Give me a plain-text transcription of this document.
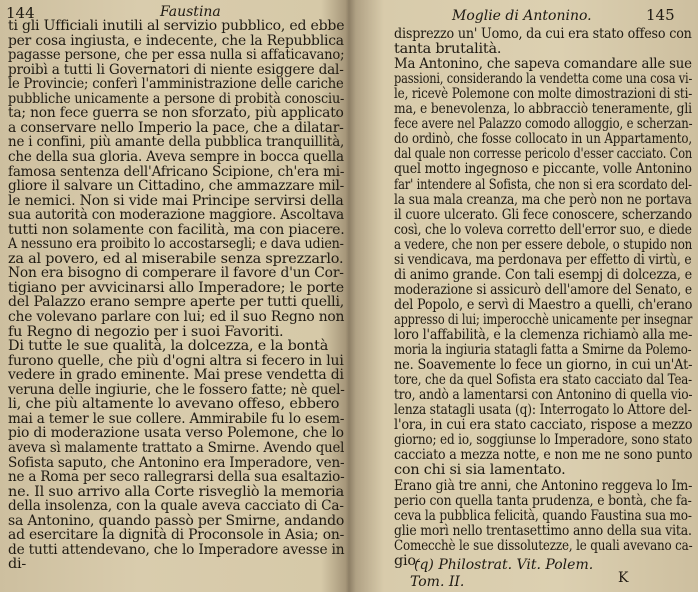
144	Faustina
ti gli Ufficiali inutili al servizio pubblico, ed ebbe
per cosa ingiusta, e indecente, che la Repubblica
pagasse persone, che per essa nulla si affaticavano;
proibì a tutti li Governatori di niente esiggere dal-
le Provincie; conferì l'amministrazione delle cariche
pubbliche unicamente a persone di probità conosciu-
ta; non fece guerra se non sforzato, più applicato
a conservare nello Imperio la pace, che a dilatar-
ne i confini, più amante della pubblica tranquillità,
che della sua gloria. Aveva sempre in bocca quella
famosa sentenza dell'Africano Scipione, ch'era mi-
gliore il salvare un Cittadino, che ammazzare mil-
le nemici. Non si vide mai Principe servirsi della
sua autorità con moderazione maggiore. Ascoltava
tutti non solamente con facilità, ma con piacere.
A nessuno era proibito lo accostarsegli; e dava udien-
za al povero, ed al miserabile senza sprezzarlo.
Non era bisogno di comperare il favore d'un Cor-
tigiano per avvicinarsi allo Imperadore; le porte
del Palazzo erano sempre aperte per tutti quelli,
che volevano parlare con lui; ed il suo Regno non
fu Regno di negozio per i suoi Favoriti.
Di tutte le sue qualità, la dolcezza, e la bontà
furono quelle, che più d'ogni altra si fecero in lui
vedere in grado eminente. Mai prese vendetta di
veruna delle ingiurie, che le fossero fatte; nè quel-
li, che più altamente lo avevano offeso, ebbero
mai a temer le sue collere. Ammirabile fu lo esem-
pio di moderazione usata verso Polemone, che lo
aveva sì malamente trattato a Smirne. Avendo quel
Sofista saputo, che Antonino era Imperadore, ven-
ne a Roma per seco rallegrarsi della sua esaltazio-
ne. Il suo arrivo alla Corte risvegliò la memoria
della insolenza, con la quale aveva cacciato di Ca-
sa Antonino, quando passò per Smirne, andando
ad esercitare la dignità di Proconsole in Asia; on-
de tutti attendevano, che lo Imperadore avesse in
di-
Moglie di Antonino.	145
disprezzo un' Uomo, da cui era stato offeso con
tanta brutalità.
Ma Antonino, che sapeva comandare alle sue
passioni, considerando la vendetta come una cosa vi-
le, ricevè Polemone con molte dimostrazioni di sti-
ma, e benevolenza, lo abbracciò teneramente, gli
fece avere nel Palazzo comodo alloggio, e scherzan-
do ordinò, che fosse collocato in un Appartamento,
dal quale non corresse pericolo d'esser cacciato. Con
quel motto ingegnoso e piccante, volle Antonino
far' intendere al Sofista, che non si era scordato del-
la sua mala creanza, ma che però non ne portava
il cuore ulcerato. Gli fece conoscere, scherzando
così, che lo voleva corretto dell'error suo, e diede
a vedere, che non per essere debole, o stupido non
si vendicava, ma perdonava per effetto di virtù, e
di animo grande. Con tali esempj di dolcezza, e
moderazione si assicurò dell'amore del Senato, e
del Popolo, e servì di Maestro a quelli, ch'erano
appresso di lui; imperocchè unicamente per insegnar
loro l'affabilità, e la clemenza richiamò alla me-
moria la ingiuria statagli fatta a Smirne da Polemo-
ne. Soavemente lo fece un giorno, in cui un'At-
tore, che da quel Sofista era stato cacciato dal Tea-
tro, andò a lamentarsi con Antonino di quella vio-
lenza statagli usata (q): Interrogato lo Attore del-
l'ora, in cui era stato cacciato, rispose a mezzo
giorno; ed io, soggiunse lo Imperadore, sono stato
cacciato a mezza notte, e non me ne sono punto
con chi si sia lamentato.
Erano già tre anni, che Antonino reggeva lo Im-
perio con quella tanta prudenza, e bontà, che fa-
ceva la pubblica felicità, quando Faustina sua mo-
glie morì nello trentasettimo anno della sua vita.
Comecchè le sue dissolutezze, le quali avevano ca-
gio-
(q) Philostrat. Vit. Polem.
Tom. II.	K
